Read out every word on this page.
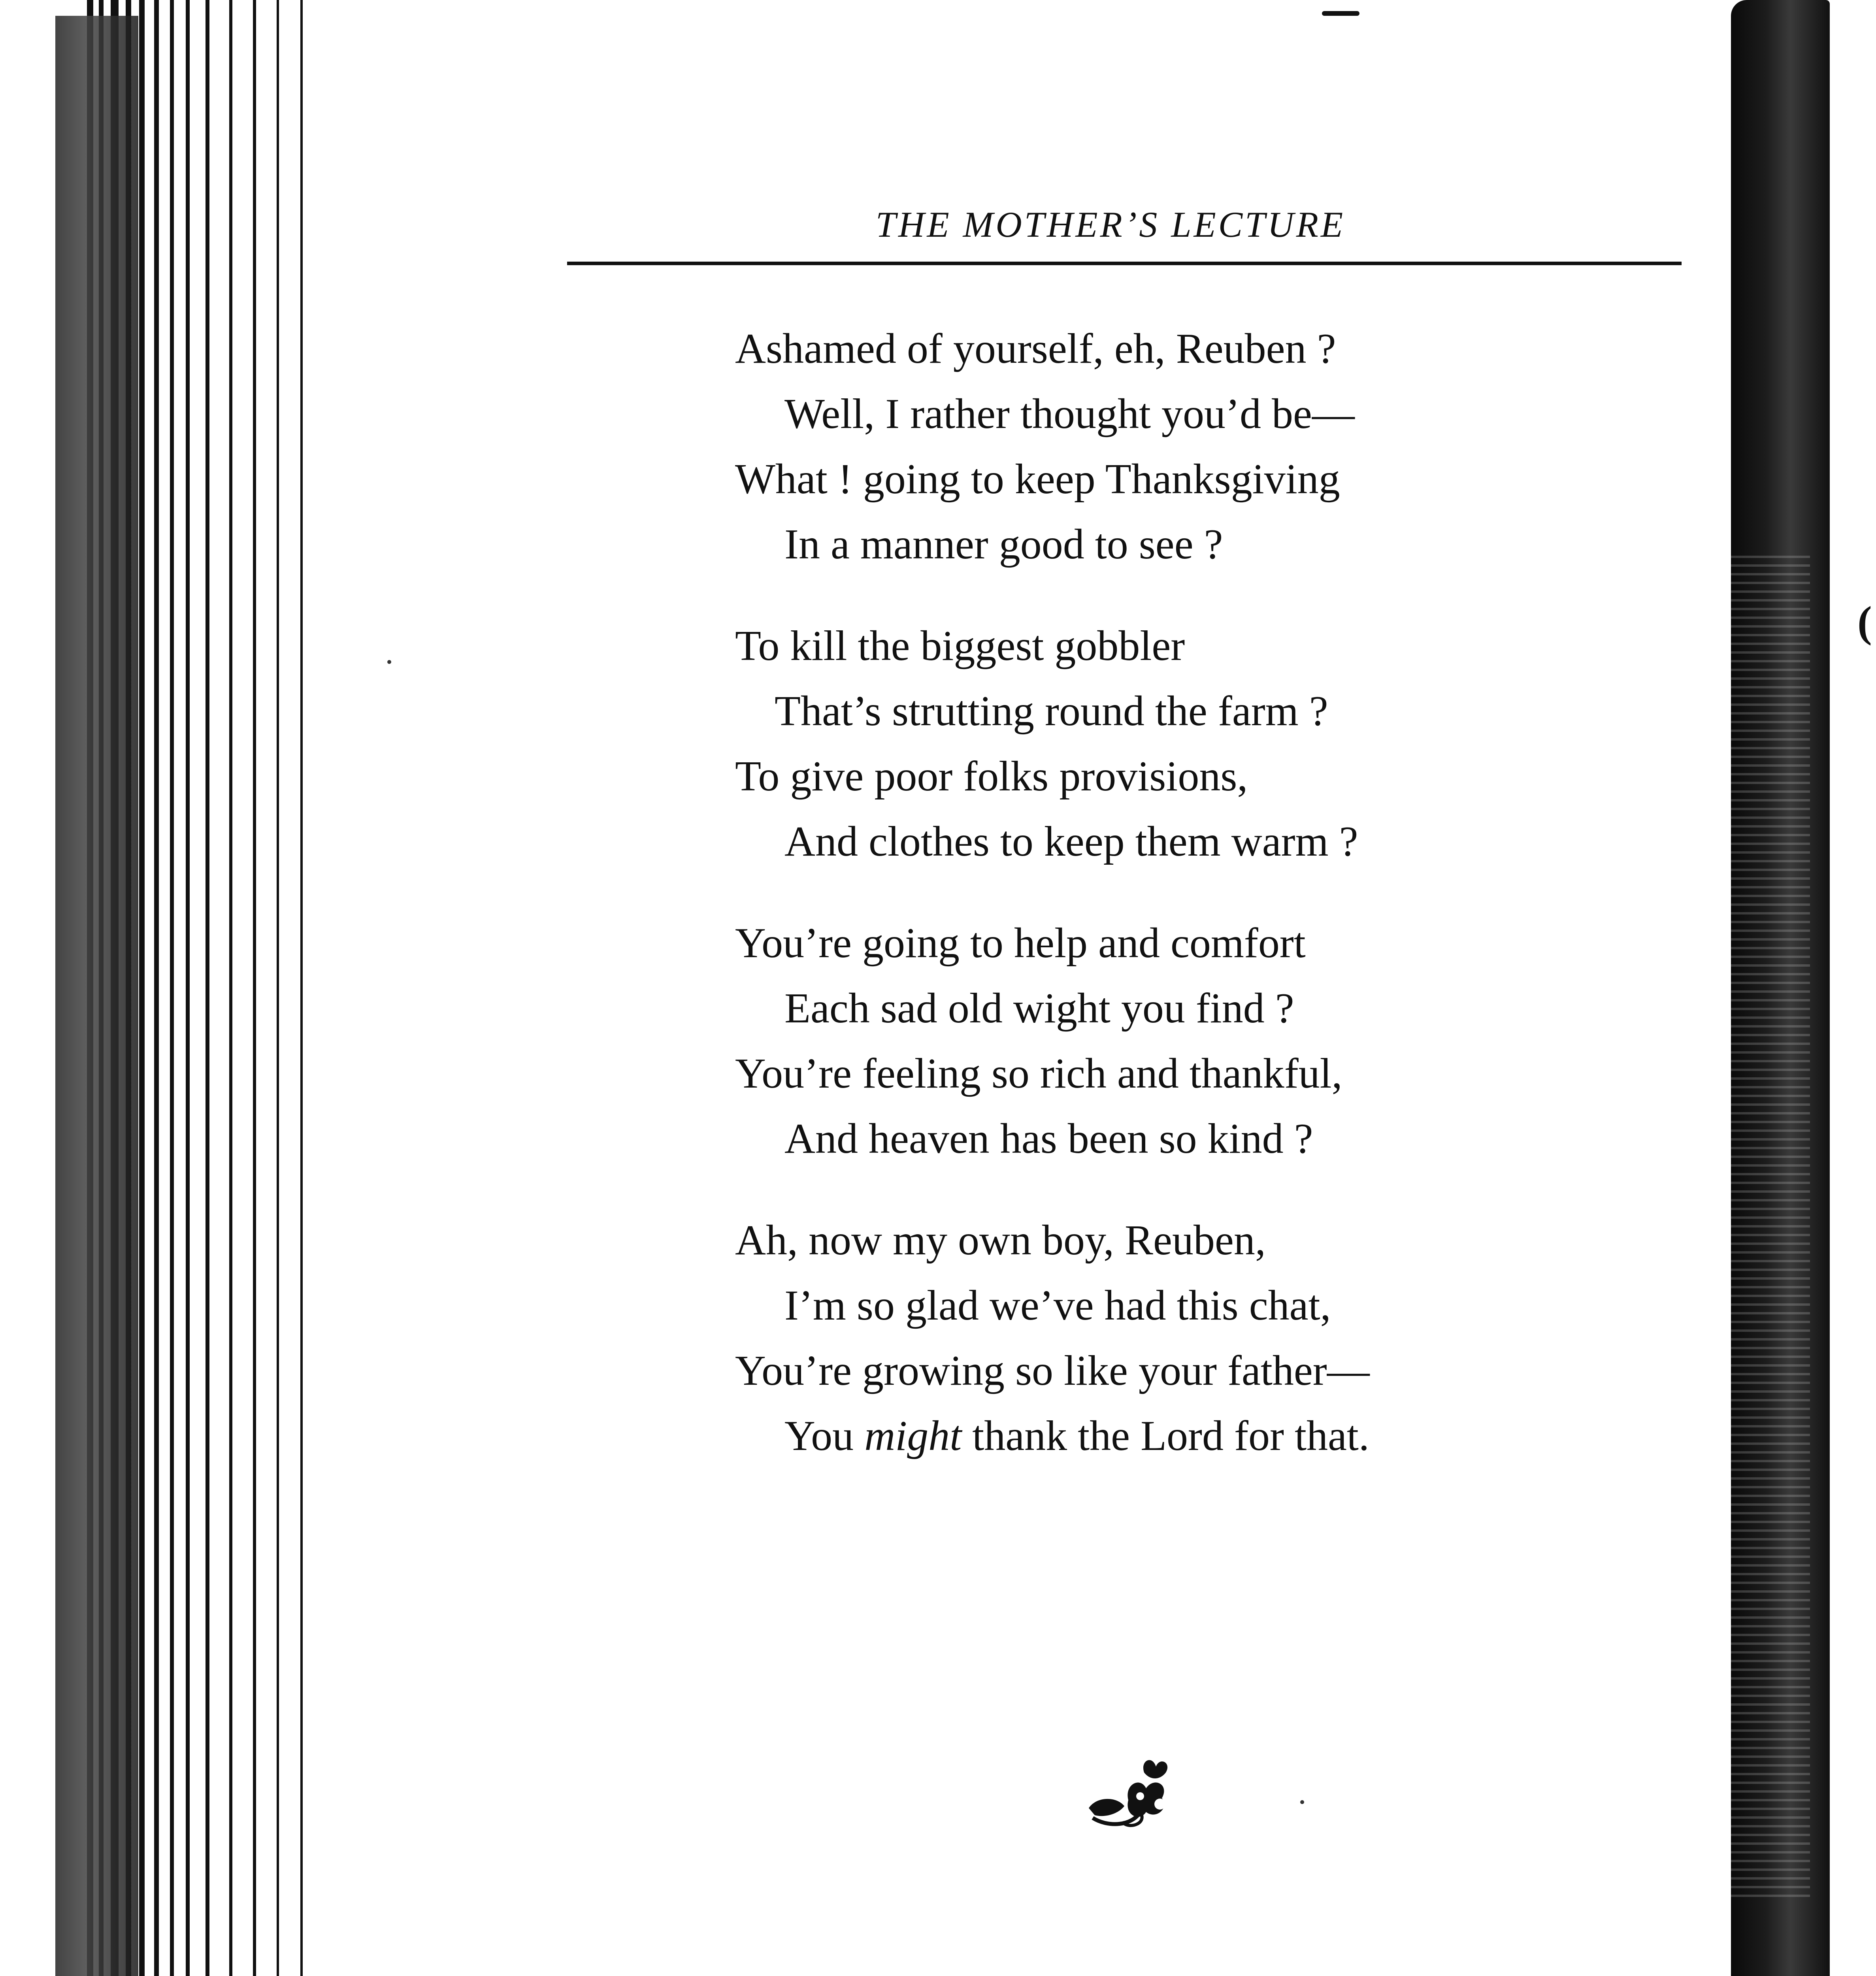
(
THE MOTHER’S LECTURE
Ashamed of yourself, eh, Reuben ?
Well, I rather thought you’d be—
What ! going to keep Thanksgiving
In a manner good to see ?
To kill the biggest gobbler
That’s strutting round the farm ?
To give poor folks provisions,
And clothes to keep them warm ?
You’re going to help and comfort
Each sad old wight you find ?
You’re feeling so rich and thankful,
And heaven has been so kind ?
Ah, now my own boy, Reuben,
I’m so glad we’ve had this chat,
You’re growing so like your father—
You might thank the Lord for that.
